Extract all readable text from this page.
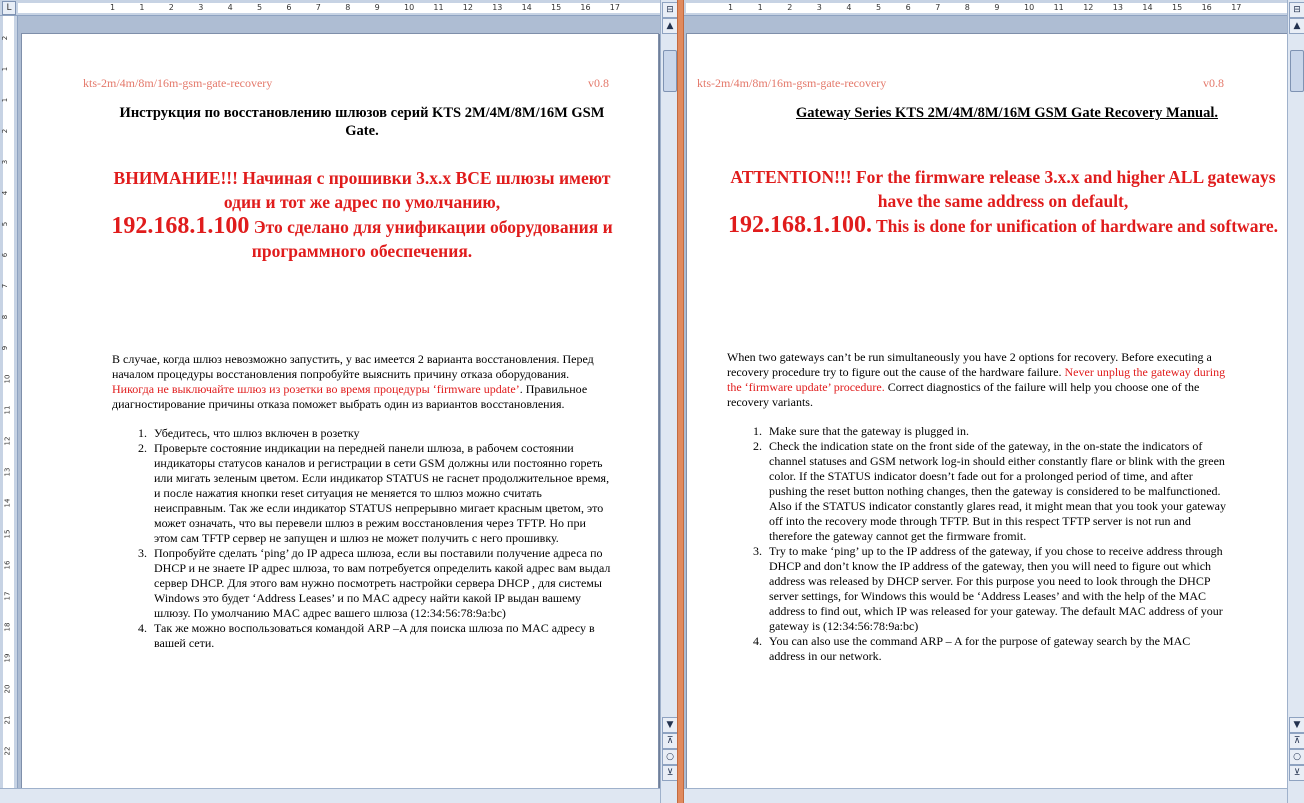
L	1	1	2	3	4	5	6	7	8	9	10 11 12 13 14 15 16 17
2
1
1
2
3
4
5
6
7
8
9
10
11
12
13
14
15
16
17
18
19
20
21
22
kts-2m/4m/8m/16m-gsm-gate-recovery	v0.8
Инструкция по восстановлению шлюзов серий KTS 2M/4M/8M/16M GSM Gate.
ВНИМАНИЕ!!! Начиная с прошивки 3.x.x ВСЕ шлюзы имеют один и тот же адрес по умолчанию,
192.168.1.100 Это сделано для унификации оборудования и программного обеспечения.

В случае, когда шлюз невозможно запустить, у вас имеется 2 варианта восстановления. Перед началом процедуры восстановления попробуйте выяснить причину отказа оборудования. Никогда не выключайте шлюз из розетки во время процедуры ‘firmware update’. Правильное диагностирование причины отказа поможет выбрать один из вариантов восстановления.

1. Убедитесь, что шлюз включен в розетку
2. Проверьте состояние индикации на передней панели шлюза, в рабочем состоянии индикаторы статусов каналов и регистрации в сети GSM должны или постоянно гореть или мигать зеленым цветом. Если индикатор STATUS не гаснет продолжительное время, и после нажатия кнопки reset ситуация не меняется то шлюз можно считать неисправным. Так же если индикатор STATUS непрерывно мигает красным цветом, это может означать, что вы перевели шлюз в режим восстановления через TFTP. Но при этом сам TFTP сервер не запущен и шлюз не может получить с него прошивку.
3. Попробуйте сделать ‘ping’ до IP адреса шлюза, если вы поставили получение адреса по DHCP и не знаете IP адрес шлюза, то вам потребуется определить какой адрес вам выдал сервер DHCP. Для этого вам нужно посмотреть настройки сервера DHCP , для системы Windows это будет ‘Address Leases’ и по MAC адресу найти какой IP выдан вашему шлюзу. По умолчанию MAC адрес вашего шлюза (12:34:56:78:9a:bc)
4. Так же можно воспользоваться командой ARP –A для поиска шлюза по MAC адресу в вашей сети.
⊟
▲
▼
⊼
○
⊻
1	1	2	3	4	5	6	7	8	9	10 11 12 13 14 15 16 17
kts-2m/4m/8m/16m-gsm-gate-recovery	v0.8
Gateway Series KTS 2M/4M/8M/16M GSM Gate Recovery Manual.
ATTENTION!!! For the firmware release 3.x.x and higher ALL gateways have the same address on default,
192.168.1.100. This is done for unification of hardware and software.

When two gateways can’t be run simultaneously you have 2 options for recovery. Before executing a recovery procedure try to figure out the cause of the hardware failure. Never unplug the gateway during the ‘firmware update’ procedure. Correct diagnostics of the failure will help you choose one of the recovery variants.

1. Make sure that the gateway is plugged in.
2. Check the indication state on the front side of the gateway, in the on-state the indicators of channel statuses and GSM network log-in should either constantly flare or blink with the green color. If the STATUS indicator doesn’t fade out for a prolonged period of time, and after pushing the reset button nothing changes, then the gateway is considered to be malfunctioned. Also if the STATUS indicator constantly glares read, it might mean that you took your gateway off into the recovery mode through TFTP. But in this respect TFTP server is not run and therefore the gateway cannot get the firmware fromit.
3. Try to make ‘ping’ up to the IP address of the gateway, if you chose to receive address through DHCP and don’t know the IP address of the gateway, then you will need to figure out which address was released by DHCP server. For this purpose you need to look through the DHCP server settings, for Windows this would be ‘Address Leases’ and with the help of the MAC address to find out, which IP was released for your gateway. The default MAC address of your gateway is (12:34:56:78:9a:bc)
4. You can also use the command ARP – A for the purpose of gateway search by the MAC address in our network.
⊟
▲
▼
⊼
○
⊻
